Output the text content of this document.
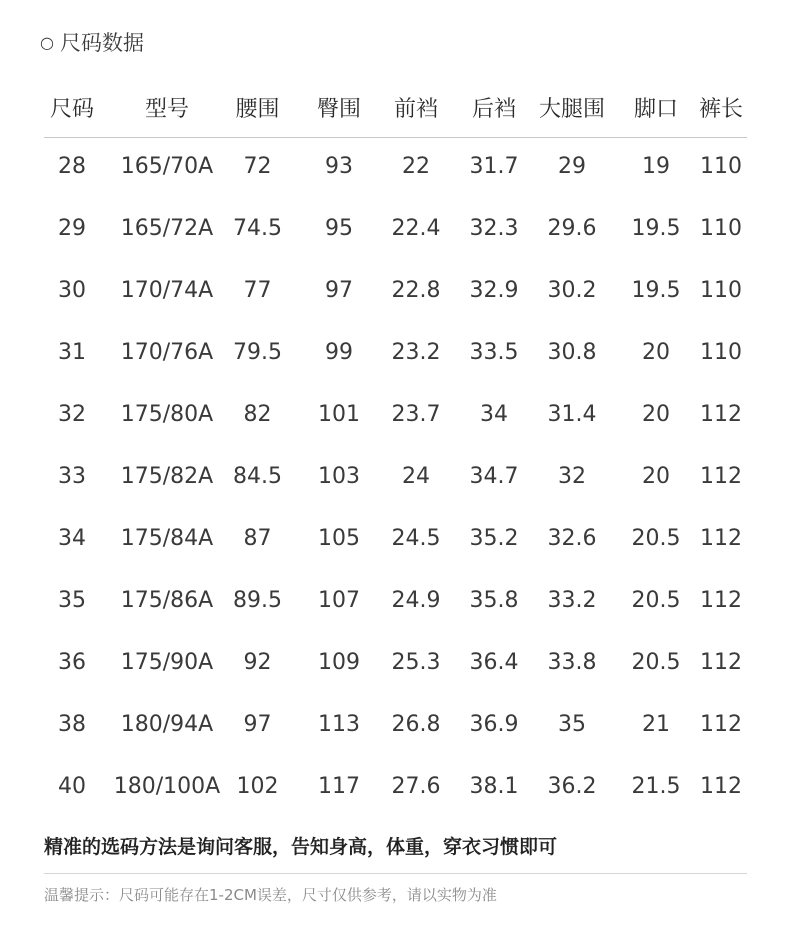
○ 尺码数据
尺码	型号	腰围	臀围	前裆	后裆	大腿围 脚口 裤长
28	165/70A	72	93	22	31.7	29	19	110
29	165/72A 74.5	95	22.4	32.3	29.6	19.5 110
30	170/74A	77	97	22.8	32.9	30.2	19.5 110
31	170/76A 79.5	99	23.2	33.5	30.8	20	110
32	175/80A	82	101	23.7	34	31.4	20	112
33	175/82A 84.5	103	24	34.7	32	20	112
34	175/84A	87	105	24.5	35.2	32.6	20.5 112
35	175/86A 89.5	107	24.9	35.8	33.2	20.5 112
36	175/90A	92	109	25.3	36.4	33.8	20.5 112
38	180/94A	97	113	26.8	36.9	35	21	112
40	180/100A 102	117	27.6	38.1	36.2	21.5 112
精准的选码方法是询问客服，告知身高，体重，穿衣习惯即可
温馨提示：尺码可能存在1-2CM误差，尺寸仅供参考，请以实物为准
